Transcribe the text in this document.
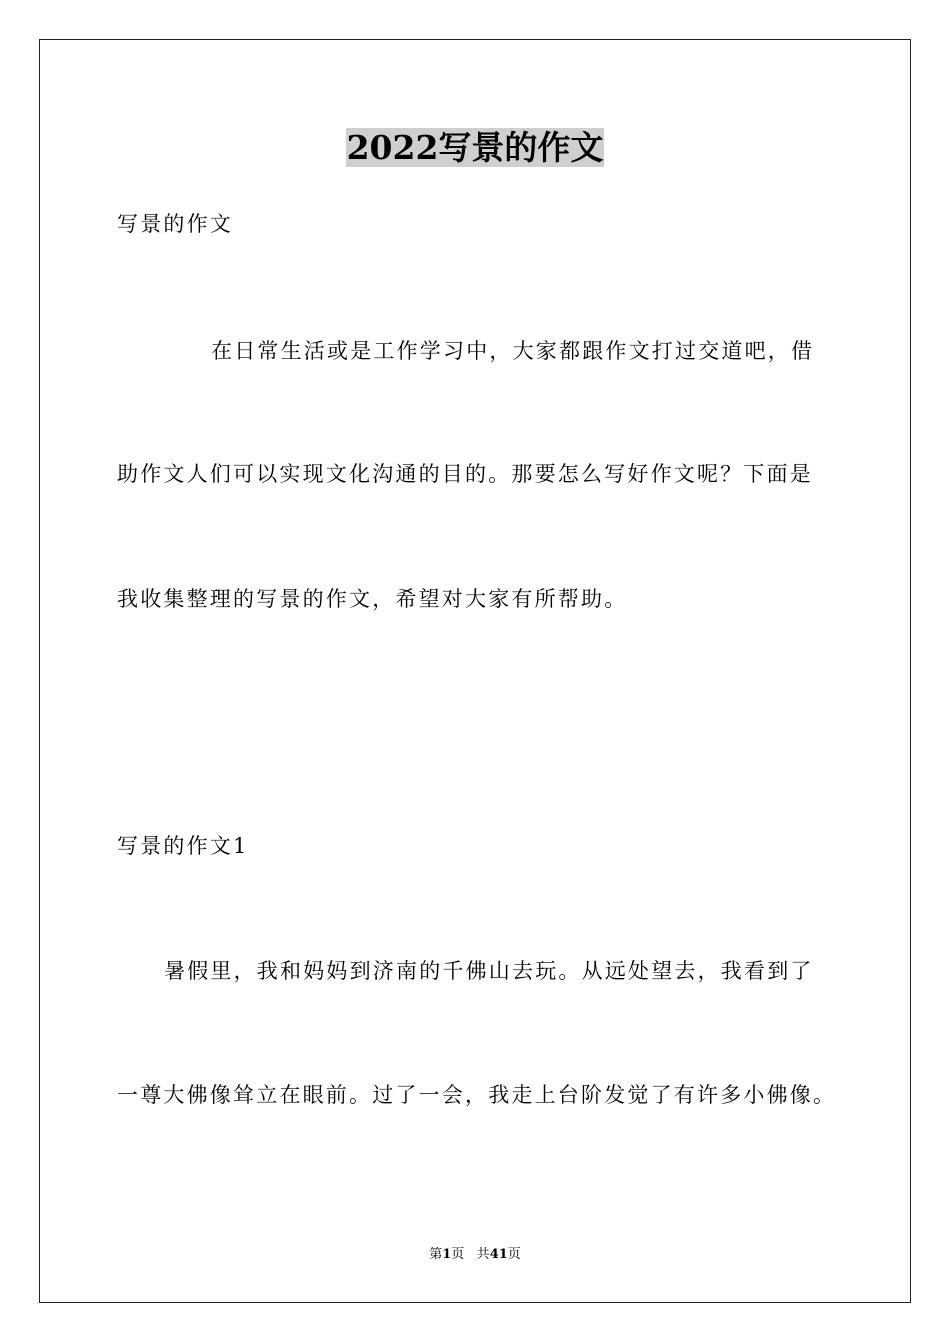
2022写景的作文
写景的作文
在日常生活或是工作学习中，大家都跟作文打过交道吧，借
助作文人们可以实现文化沟通的目的。那要怎么写好作文呢？下面是
我收集整理的写景的作文，希望对大家有所帮助。
写景的作文1
暑假里，我和妈妈到济南的千佛山去玩。从远处望去，我看到了
一尊大佛像耸立在眼前。过了一会，我走上台阶发觉了有许多小佛像。
第1页 共41页
